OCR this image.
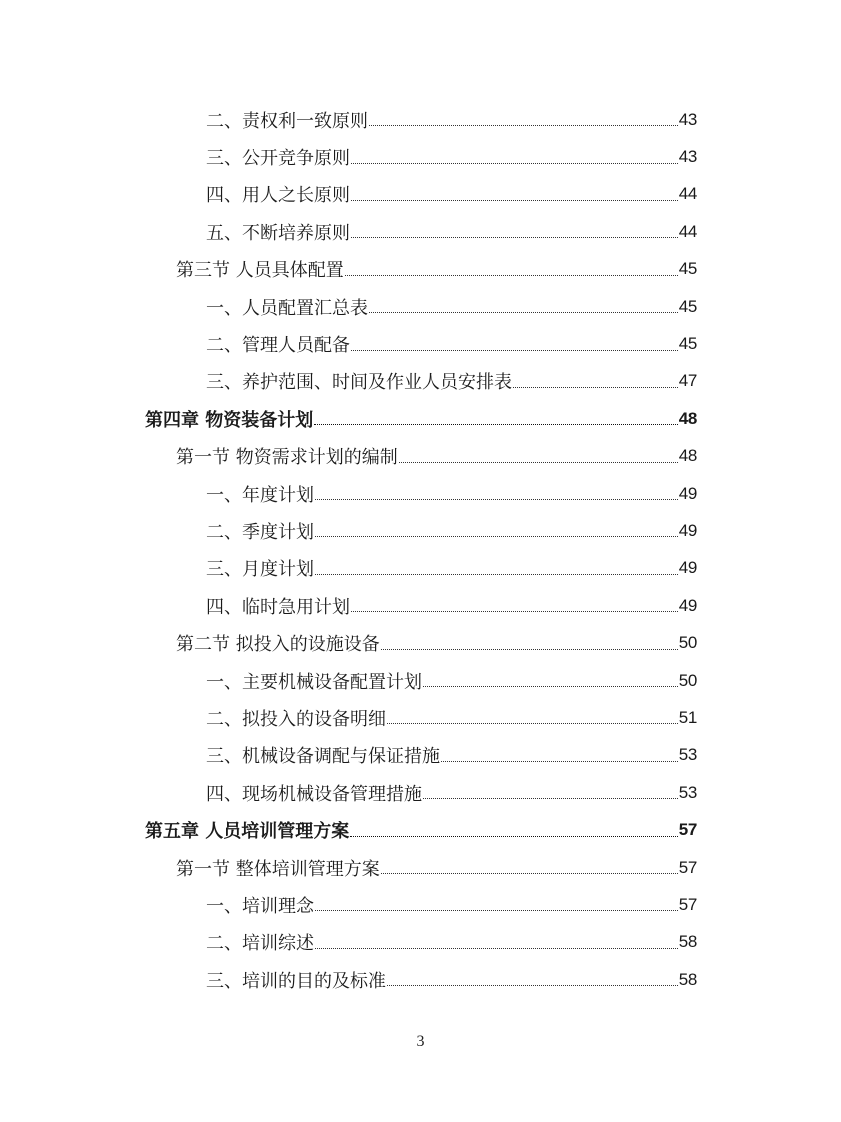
二、责权利一致原则	43
三、公开竞争原则	43
四、用人之长原则	44
五、不断培养原则	44
第三节 人员具体配置	45
一、人员配置汇总表	45
二、管理人员配备	45
三、养护范围、时间及作业人员安排表	47
第四章 物资装备计划	48
第一节 物资需求计划的编制	48
一、年度计划	49
二、季度计划	49
三、月度计划	49
四、临时急用计划	49
第二节 拟投入的设施设备	50
一、主要机械设备配置计划	50
二、拟投入的设备明细	51
三、机械设备调配与保证措施	53
四、现场机械设备管理措施	53
第五章 人员培训管理方案	57
第一节 整体培训管理方案	57
一、培训理念	57
二、培训综述	58
三、培训的目的及标准	58
3
